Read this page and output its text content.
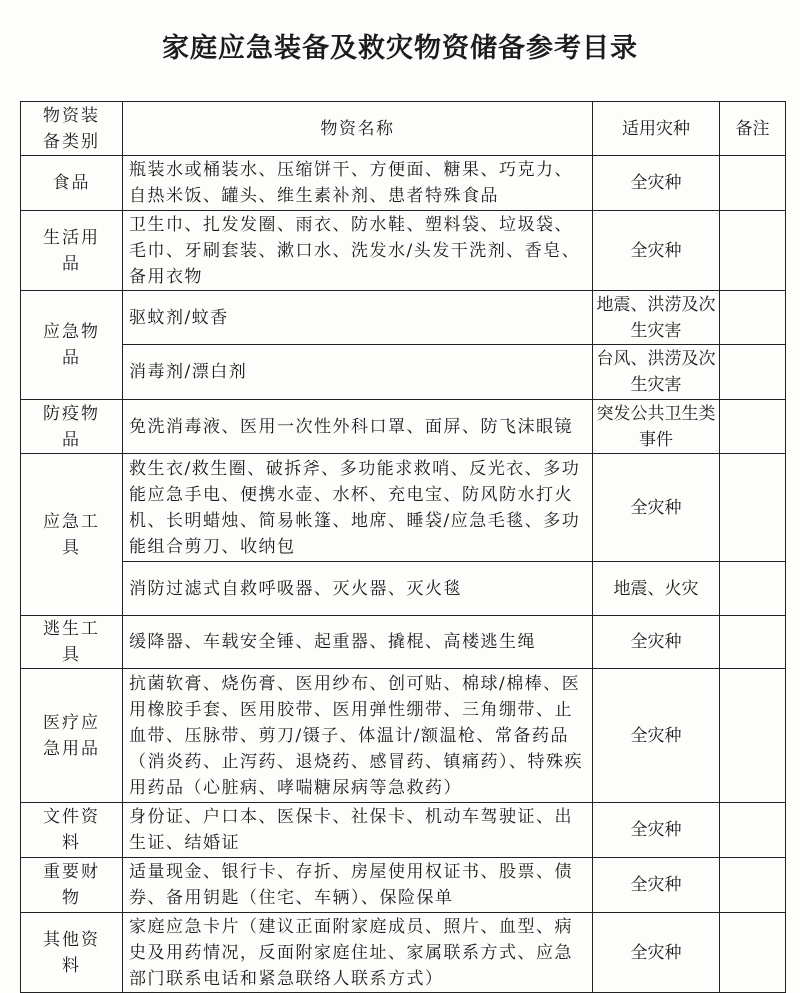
家庭应急装备及救灾物资储备参考目录
物资装备类别	物资名称	适用灾种	备注
食品	瓶装水或桶装水、压缩饼干、方便面、糖果、巧克力、自热米饭、罐头、维生素补剂、患者特殊食品	全灾种	
生活用品	卫生巾、扎发发圈、雨衣、防水鞋、塑料袋、垃圾袋、毛巾、牙刷套装、漱口水、洗发水/头发干洗剂、香皂、备用衣物	全灾种	
应急物品	驱蚊剂/蚊香	地震、洪涝及次生灾害	
	消毒剂/漂白剂	台风、洪涝及次生灾害	
防疫物品	免洗消毒液、医用一次性外科口罩、面屏、防飞沫眼镜	突发公共卫生类事件	
应急工具	救生衣/救生圈、破拆斧、多功能求救哨、反光衣、多功能应急手电、便携水壶、水杯、充电宝、防风防水打火机、长明蜡烛、简易帐篷、地席、睡袋/应急毛毯、多功能组合剪刀、收纳包	全灾种	
	消防过滤式自救呼吸器、灭火器、灭火毯	地震、火灾	
逃生工具	缓降器、车载安全锤、起重器、撬棍、高楼逃生绳	全灾种	
医疗应急用品	抗菌软膏、烧伤膏、医用纱布、创可贴、棉球/棉棒、医用橡胶手套、医用胶带、医用弹性绷带、三角绷带、止血带、压脉带、剪刀/镊子、体温计/额温枪、常备药品（消炎药、止泻药、退烧药、感冒药、镇痛药）、特殊疾用药品（心脏病、哮喘糖尿病等急救药）	全灾种	
文件资料	身份证、户口本、医保卡、社保卡、机动车驾驶证、出生证、结婚证	全灾种	
重要财物	适量现金、银行卡、存折、房屋使用权证书、股票、债券、备用钥匙（住宅、车辆）、保险保单	全灾种	
其他资料	家庭应急卡片（建议正面附家庭成员、照片、血型、病史及用药情况，反面附家庭住址、家属联系方式、应急部门联系电话和紧急联络人联系方式）	全灾种	
